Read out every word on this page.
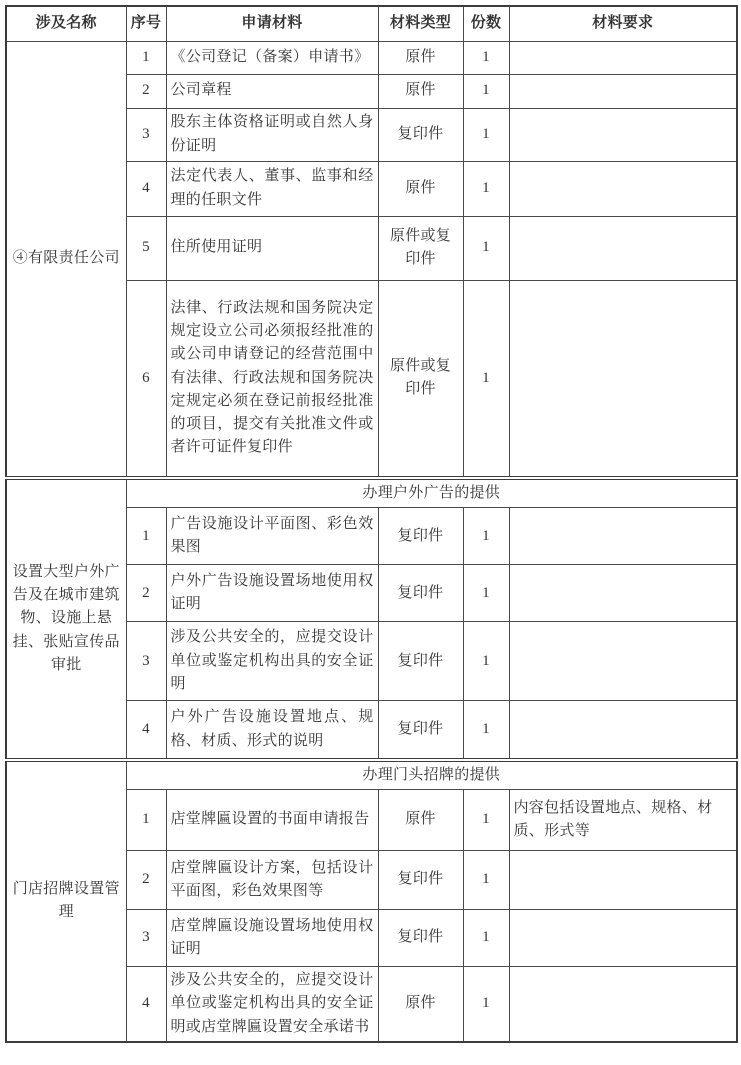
涉及名称	序号	申请材料	材料类型	份数	材料要求
④有限责任公司	1	《公司登记（备案）申请书》	原件	1	
	2	公司章程	原件	1	
	3	股东主体资格证明或自然人身份证明	复印件	1	
	4	法定代表人、董事、监事和经理的任职文件	原件	1	
	5	住所使用证明	原件或复印件	1	
	6	法律、行政法规和国务院决定规定设立公司必须报经批准的或公司申请登记的经营范围中有法律、行政法规和国务院决定规定必须在登记前报经批准的项目，提交有关批准文件或者许可证件复印件	原件或复印件	1	
设置大型户外广告及在城市建筑物、设施上悬挂、张贴宣传品审批	办理户外广告的提供				
	1	广告设施设计平面图、彩色效果图	复印件	1	
	2	户外广告设施设置场地使用权证明	复印件	1	
	3	涉及公共安全的，应提交设计单位或鉴定机构出具的安全证明	复印件	1	
	4	户外广告设施设置地点、规格、材质、形式的说明	复印件	1	
门店招牌设置管理	办理门头招牌的提供				
	1	店堂牌匾设置的书面申请报告	原件	1	内容包括设置地点、规格、材质、形式等
	2	店堂牌匾设计方案，包括设计平面图，彩色效果图等	复印件	1	
	3	店堂牌匾设施设置场地使用权证明	复印件	1	
	4	涉及公共安全的，应提交设计单位或鉴定机构出具的安全证明或店堂牌匾设置安全承诺书	原件	1	
